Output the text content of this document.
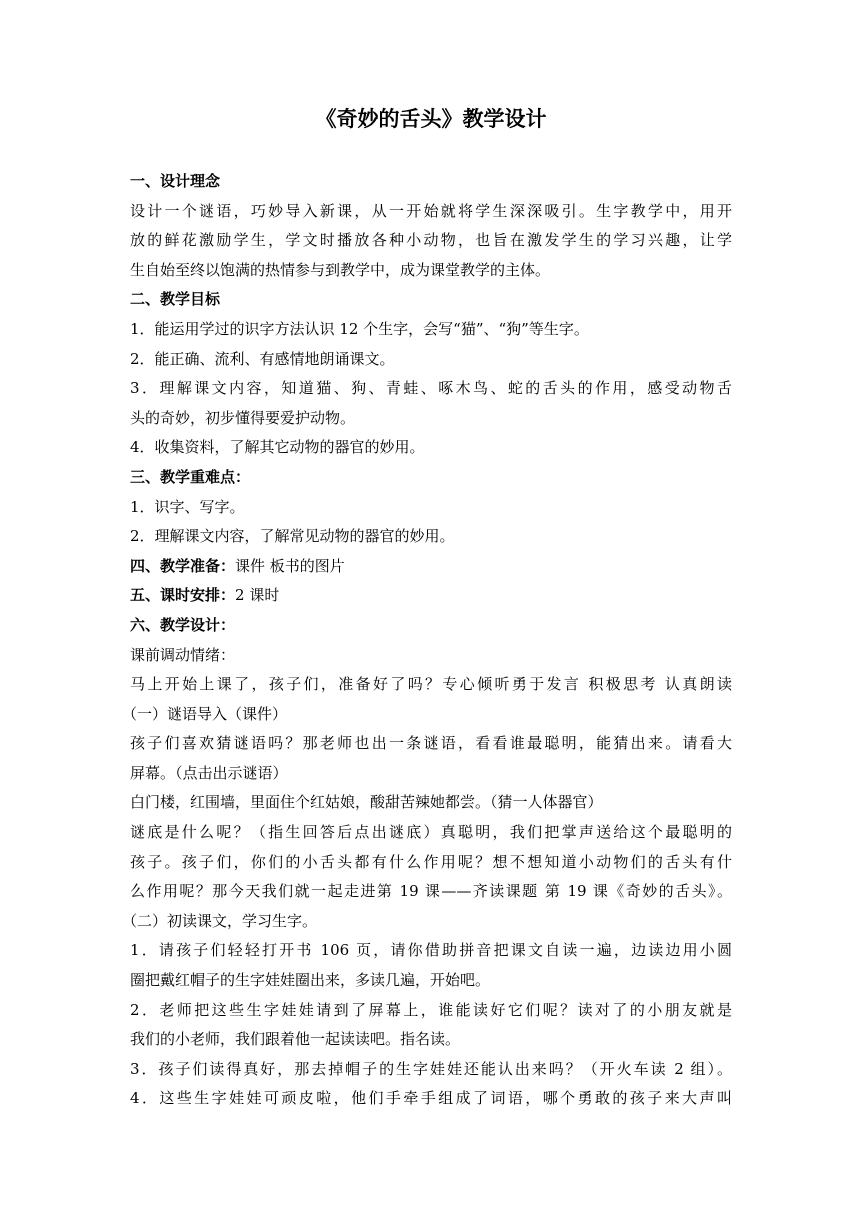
《奇妙的舌头》教学设计
一、设计理念
设计一个谜语，巧妙导入新课，从一开始就将学生深深吸引。生字教学中，用开
放的鲜花激励学生，学文时播放各种小动物，也旨在激发学生的学习兴趣，让学
生自始至终以饱满的热情参与到教学中，成为课堂教学的主体。
二、教学目标
1．能运用学过的识字方法认识 12 个生字，会写“猫”、“狗”等生字。
2．能正确、流利、有感情地朗诵课文。
3．理解课文内容，知道猫、狗、青蛙、啄木鸟、蛇的舌头的作用，感受动物舌
头的奇妙，初步懂得要爱护动物。
4．收集资料，了解其它动物的器官的妙用。
三、教学重难点：
1．识字、写字。
2．理解课文内容，了解常见动物的器官的妙用。
四、教学准备：课件 板书的图片
五、课时安排：2 课时
六、教学设计：
课前调动情绪：
马上开始上课了，孩子们，准备好了吗？专心倾听勇于发言 积极思考 认真朗读
（一）谜语导入（课件）
孩子们喜欢猜谜语吗？那老师也出一条谜语，看看谁最聪明，能猜出来。请看大
屏幕。（点击出示谜语）
白门楼，红围墙，里面住个红姑娘，酸甜苦辣她都尝。（猜一人体器官）
谜底是什么呢？（指生回答后点出谜底）真聪明，我们把掌声送给这个最聪明的
孩子。孩子们，你们的小舌头都有什么作用呢？想不想知道小动物们的舌头有什
么作用呢？那今天我们就一起走进第 19 课——齐读课题 第 19 课《奇妙的舌头》。
（二）初读课文，学习生字。
1．请孩子们轻轻打开书 106 页，请你借助拼音把课文自读一遍，边读边用小圆
圈把戴红帽子的生字娃娃圈出来，多读几遍，开始吧。
2．老师把这些生字娃娃请到了屏幕上，谁能读好它们呢？读对了的小朋友就是
我们的小老师，我们跟着他一起读读吧。指名读。
3．孩子们读得真好，那去掉帽子的生字娃娃还能认出来吗？（开火车读 2 组）。
4．这些生字娃娃可顽皮啦，他们手牵手组成了词语，哪个勇敢的孩子来大声叫
